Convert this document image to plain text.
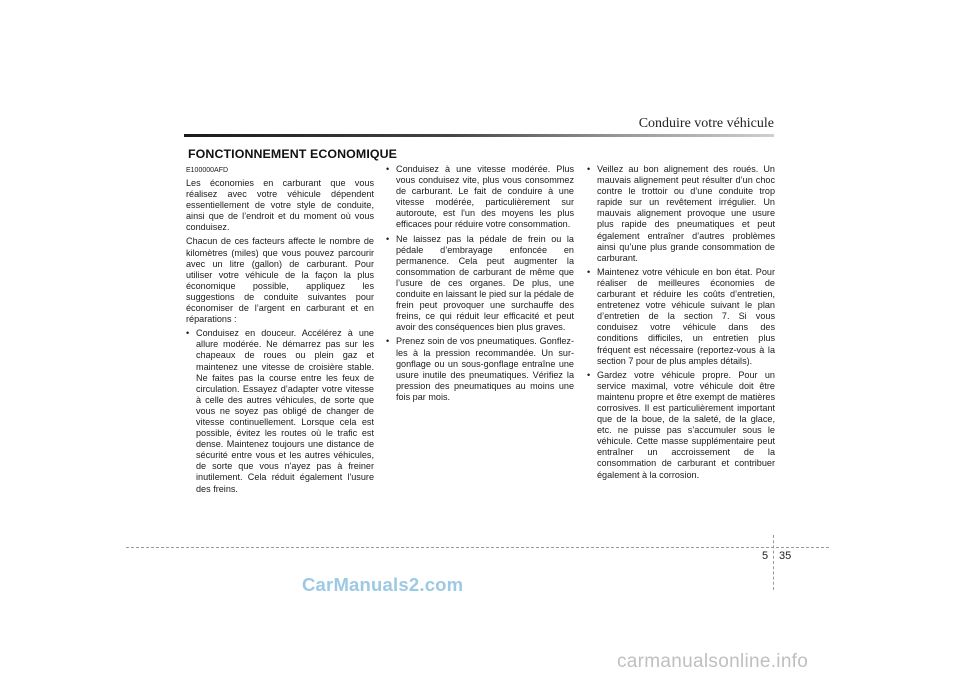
Conduire votre véhicule
FONCTIONNEMENT ECONOMIQUE
E100000AFD

Les économies en carburant que vous réalisez avec votre véhicule dépendent essentiellement de votre style de conduite, ainsi que de l’endroit et du moment où vous conduisez.

Chacun de ces facteurs affecte le nombre de kilomètres (miles) que vous pouvez parcourir avec un litre (gallon) de carburant. Pour utiliser votre véhicule de la façon la plus économique possible, appliquez les suggestions de conduite suivantes pour économiser de l’argent en carburant et en réparations :

• Conduisez en douceur. Accélérez à une allure modérée. Ne démarrez pas sur les chapeaux de roues ou plein gaz et maintenez une vitesse de croisière stable. Ne faites pas la course entre les feux de circulation. Essayez d’adapter votre vitesse à celle des autres véhicules, de sorte que vous ne soyez pas obligé de changer de vitesse continuellement. Lorsque cela est possible, évitez les routes où le trafic est dense. Maintenez toujours une distance de sécurité entre vous et les autres véhicules, de sorte que vous n'ayez pas à freiner inutilement. Cela réduit également l'usure des freins.
• Conduisez à une vitesse modérée. Plus vous conduisez vite, plus vous consommez de carburant. Le fait de conduire à une vitesse modérée, particulièrement sur autoroute, est l'un des moyens les plus efficaces pour réduire votre consommation.
• Ne laissez pas la pédale de frein ou la pédale d’embrayage enfoncée en permanence. Cela peut augmenter la consommation de carburant de même que l’usure de ces organes. De plus, une conduite en laissant le pied sur la pédale de frein peut provoquer une surchauffe des freins, ce qui réduit leur efficacité et peut avoir des conséquences bien plus graves.
• Prenez soin de vos pneumatiques. Gonflez-les à la pression recommandée. Un sur-gonflage ou un sous-gonflage entraîne une usure inutile des pneumatiques. Vérifiez la pression des pneumatiques au moins une fois par mois.
• Veillez au bon alignement des roués. Un mauvais alignement peut résulter d’un choc contre le trottoir ou d’une conduite trop rapide sur un revêtement irrégulier. Un mauvais alignement provoque une usure plus rapide des pneumatiques et peut également entraîner d’autres problèmes ainsi qu’une plus grande consommation de carburant.
• Maintenez votre véhicule en bon état. Pour réaliser de meilleures économies de carburant et réduire les coûts d’entretien, entretenez votre véhicule suivant le plan d’entretien de la section 7. Si vous conduisez votre véhicule dans des conditions difficiles, un entretien plus fréquent est nécessaire (reportez-vous à la section 7 pour de plus amples détails).
• Gardez votre véhicule propre. Pour un service maximal, votre véhicule doit être maintenu propre et être exempt de matières corrosives. Il est particulièrement important que de la boue, de la saleté, de la glace, etc. ne puisse pas s’accumuler sous le véhicule. Cette masse supplémentaire peut entraîner un accroissement de la consommation de carburant et contribuer également à la corrosion.
5 35
CarManuals2.com
carmanualsonline.info
